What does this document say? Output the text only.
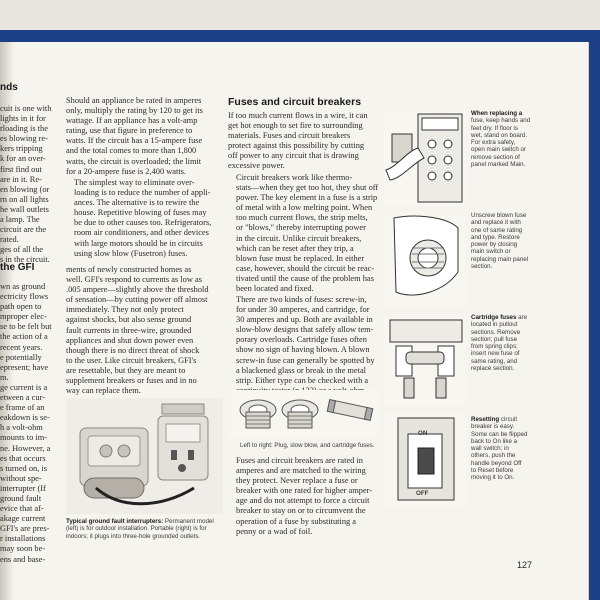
nds

cuit is one with

lights in it for

rloading is the

es blowing re-

kers tripping

k for an over-

first find out

are in it. Re-

en blowing (or

rn on all lights

he wall outlets

a lamp. The

circuit are the

rated.

ges of all the

s in the circuit.

the GFI

wn as ground

ectricity flows

path open to

mproper elec-

se to be felt but

the action of a

recent years.

e potentially

epresent; have

m.

ge current is a

etween a cur-

e frame of an

eakdown is se-

h a volt-ohm

mounts to im-

ne. However, a

es that occurs

s turned on, is

without spe-

interrupter (If

ground fault

evice that af-

akage current

GFI's are pres-

r installations

may soon be-

ens and base-

Should an appliance be rated in amperes

only, multiply the rating by 120 to get its

wattage. If an appliance has a volt-amp

rating, use that figure in preference to

watts. If the circuit has a 15-ampere fuse

and the total comes to more than 1,800

watts, the circuit is overloaded; the limit

for a 20-ampere fuse is 2,400 watts.

The simplest way to eliminate over-

loading is to reduce the number of appli-

ances. The alternative is to rewire the

house. Repetitive blowing of fuses may

be due to other causes too. Refrigerators,

room air conditioners, and other devices

with large motors should be in circuits

using slow blow (Fusetron) fuses.

ments of newly constructed homes as

well. GFI's respond to currents as low as

.005 ampere—slightly above the threshold

of sensation—by cutting power off almost

immediately. They not only protect

against shocks, but also sense ground

fault currents in three-wire, grounded

appliances and shut down power even

though there is no direct threat of shock

to the user. Like circuit breakers, GFI's

are resettable, but they are meant to

supplement breakers or fuses and in no

way can replace them.

Typical ground fault interrupters: Permanent model

(left) is for outdoor installation. Portable (right) is for

indoors; it plugs into three-hole grounded outlets.

Fuses and circuit breakers

If too much current flows in a wire, it can

get hot enough to set fire to surrounding

materials. Fuses and circuit breakers

protect against this possibility by cutting

off power to any circuit that is drawing

excessive power.

Circuit breakers work like thermo-

stats—when they get too hot, they shut off

power. The key element in a fuse is a strip

of metal with a low melting point. When

too much current flows, the strip melts,

or "blows," thereby interrupting power

in the circuit. Unlike circuit breakers,

which can be reset after they trip, a

blown fuse must be replaced. In either

case, however, should the circuit be reac-

tivated until the cause of the problem has

been located and fixed.

There are two kinds of fuses: screw-in,

for under 30 amperes, and cartridge, for

30 amperes and up. Both are available in

slow-blow designs that safely allow tem-

porary overloads. Cartridge fuses often

show no sign of having blown. A blown

screw-in fuse can generally be spotted by

a blackened glass or break in the metal

strip. Either type can be checked with a

Left to right: Plug, slow blow, and cartridge fuses.

Fuses and circuit breakers are rated in

amperes and are matched to the wiring

they protect. Never replace a fuse or

breaker with one rated for higher amper-

age and do not attempt to force a circuit

breaker to stay on or to circumvent the

operation of a fuse by substituting a

penny or a wad of foil.

ON
OFF

When replacing a

fuse, keep hands and

feet dry. If floor is

wet, stand on board.

For extra safety,

open main switch or

remove section of

panel marked Main.

Unscrew blown fuse

and replace it with

one of same rating

and type. Restore

power by closing

main switch or

replacing main panel

section.

Cartridge fuses are

located in pullout

sections. Remove

section; pull fuse

from spring clips;

insert new fuse of

same rating, and

replace section.

Resetting circuit

breaker is easy.

Some can be flipped

back to On like a

wall switch; in

others, push the

handle beyond Off

to Reset before

moving it to On.

127
